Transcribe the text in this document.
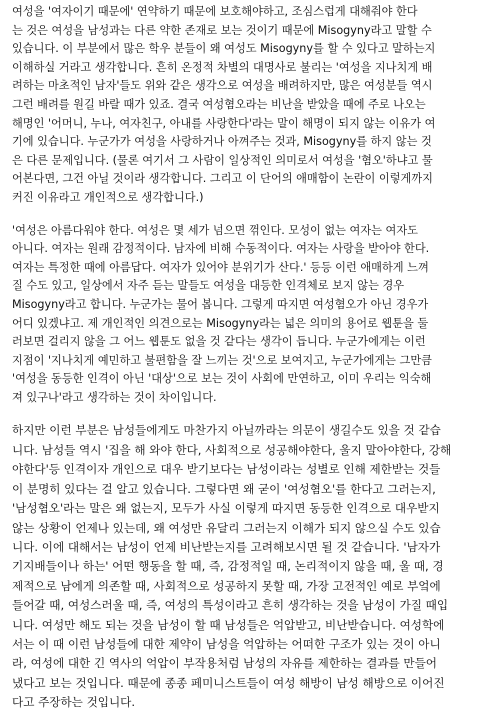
여성을 '여자이기 때문에' 연약하기 때문에 보호해야하고, 조심스럽게 대해줘야 한다
는 것은 여성을 남성과는 다른 약한 존재로 보는 것이기 때문에 Misogyny라고 말할 수
있습니다. 이 부분에서 많은 학우 분들이 왜 여성도 Misogyny를 할 수 있다고 말하는지
이해하실 거라고 생각합니다. 흔히 온정적 차별의 대명사로 불리는 '여성을 지나치게 배
려하는 마초적인 남자'들도 위와 같은 생각으로 여성을 배려하지만, 많은 여성분들 역시
그런 배려를 원길 바랄 때가 있죠. 결국 여성혐오라는 비난을 받았을 때에 주로 나오는
해명인 '어머니, 누나, 여자친구, 아내를 사랑한다'라는 말이 해명이 되지 않는 이유가 여
기에 있습니다. 누군가가 여성을 사랑하거나 아껴주는 것과, Misogyny를 하지 않는 것
은 다른 문제입니다. (물론 여기서 그 사람이 일상적인 의미로서 여성을 '혐오'하냐고 물
어본다면, 그건 아닐 것이라 생각합니다. 그리고 이 단어의 애매함이 논란이 이렇게까지
커진 이유라고 개인적으로 생각합니다.)
'여성은 아름다워야 한다. 여성은 몇 세가 넘으면 꺾인다. 모성이 없는 여자는 여자도
아니다. 여자는 원래 감정적이다. 남자에 비해 수동적이다. 여자는 사랑을 받아야 한다.
여자는 특정한 때에 아름답다. 여자가 있어야 분위기가 산다.' 등등 이런 애매하게 느껴
질 수도 있고, 일상에서 자주 듣는 말들도 여성을 대등한 인격체로 보지 않는 경우
Misogyny라고 합니다. 누군가는 물어 봅니다. 그렇게 따지면 여성혐오가 아닌 경우가
어디 있겠냐고. 제 개인적인 의견으로는 Misogyny라는 넓은 의미의 용어로 웹툰을 둘
러보면 걸리지 않을 그 어느 웹툰도 없을 것 같다는 생각이 듭니다. 누군가에게는 이런
지점이 '지나치게 예민하고 불편함을 잘 느끼는 것'으로 보여지고, 누군가에게는 그만큼
'여성을 동등한 인격이 아닌 '대상'으로 보는 것이 사회에 만연하고, 이미 우리는 익숙해
져 있구나'라고 생각하는 것이 차이입니다.
하지만 이런 부분은 남성들에게도 마찬가지 아닐까라는 의문이 생길수도 있을 것 같습
니다. 남성들 역시 '집을 해 와야 한다, 사회적으로 성공해야한다, 울지 말아야한다, 강해
야한다'등 인격이자 개인으로 대우 받기보다는 남성이라는 성별로 인해 제한받는 것들
이 분명히 있다는 걸 알고 있습니다. 그렇다면 왜 굳이 '여성혐오'를 한다고 그러는지,
'남성혐오'라는 말은 왜 없는지, 모두가 사실 이렇게 따지면 동등한 인격으로 대우받지
않는 상황이 언제나 있는데, 왜 여성만 유달리 그러는지 이해가 되지 않으실 수도 있습
니다. 이에 대해서는 남성이 언제 비난받는지를 고려해보시면 될 것 같습니다. '남자가
기지배들이나 하는' 어떤 행동을 할 때, 즉, 감정적일 때, 논리적이지 않을 때, 울 때, 경
제적으로 남에게 의존할 때, 사회적으로 성공하지 못할 때, 가장 고전적인 예로 부엌에
들어갈 때, 여성스러울 때, 즉, 여성의 특성이라고 흔히 생각하는 것을 남성이 가질 때입
니다. 여성만 해도 되는 것을 남성이 할 때 남성들은 억압받고, 비난받습니다. 여성학에
서는 이 때 이런 남성들에 대한 제약이 남성을 억압하는 어떠한 구조가 있는 것이 아니
라, 여성에 대한 긴 역사의 억압이 부작용처럼 남성의 자유를 제한하는 결과를 만들어
냈다고 보는 것입니다. 때문에 종종 페미니스트들이 여성 해방이 남성 해방으로 이어진
다고 주장하는 것입니다.
